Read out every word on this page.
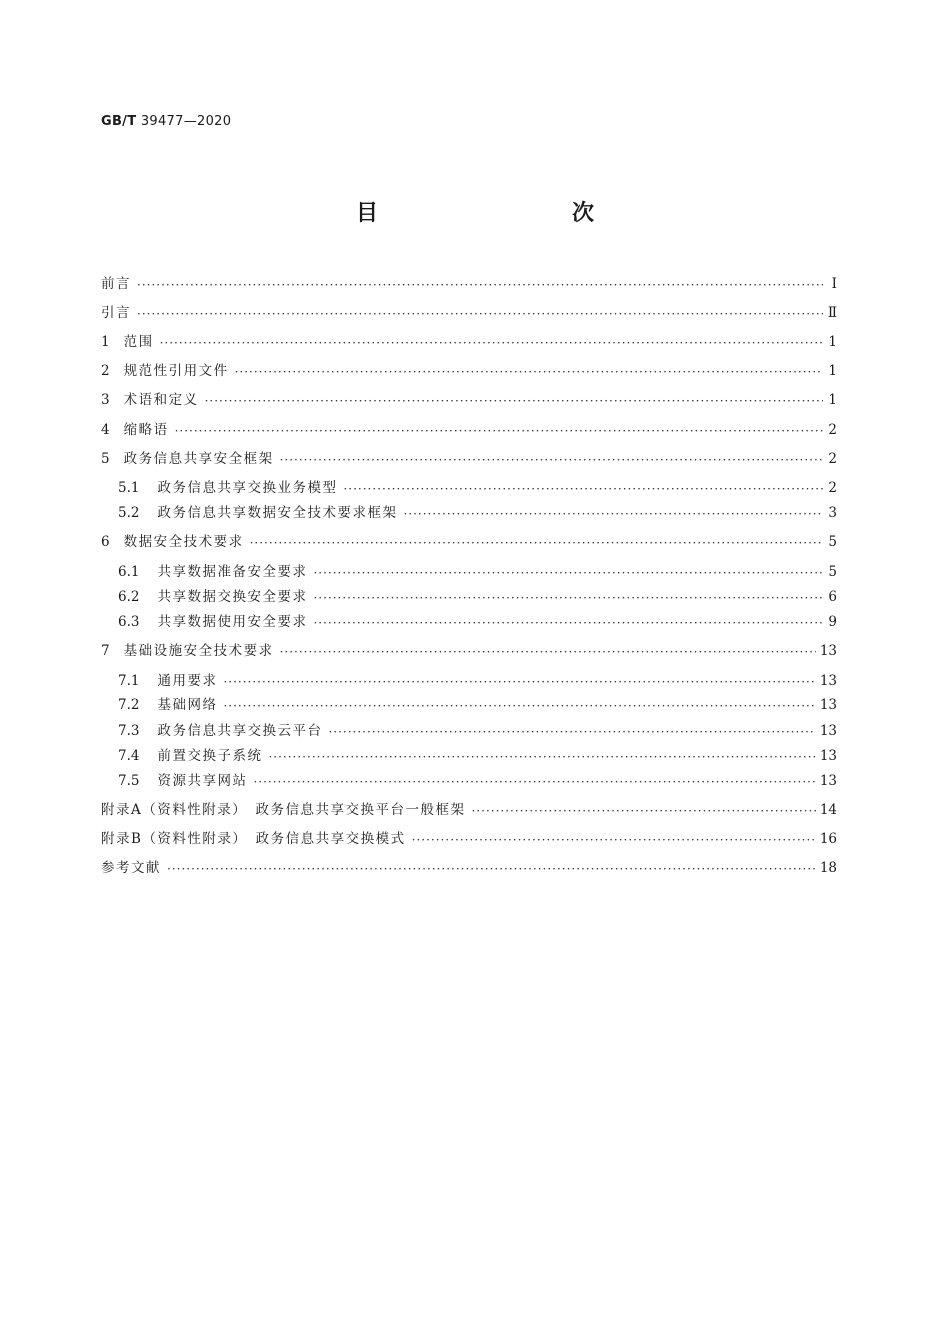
GB/T 39477—2020
目　　次
前言 ·····	Ⅰ
引言 ·····	Ⅱ
1 范围 ·····	1
2 规范性引用文件 ·····	1
3 术语和定义 ·····	1
4 缩略语 ·····	2
5 政务信息共享安全框架 ·····	2
5.1 政务信息共享交换业务模型 ·····	2
5.2 政务信息共享数据安全技术要求框架 ·····	3
6 数据安全技术要求 ·····	5
6.1 共享数据准备安全要求 ·····	5
6.2 共享数据交换安全要求 ·····	6
6.3 共享数据使用安全要求 ·····	9
7 基础设施安全技术要求 ·····	13
7.1 通用要求 ·····	13
7.2 基础网络 ·····	13
7.3 政务信息共享交换云平台 ·····	13
7.4 前置交换子系统 ·····	13
7.5 资源共享网站 ·····	13
附录A（资料性附录）　政务信息共享交换平台一般框架 ·····	14
附录B（资料性附录）　政务信息共享交换模式 ·····	16
参考文献 ·····	18
